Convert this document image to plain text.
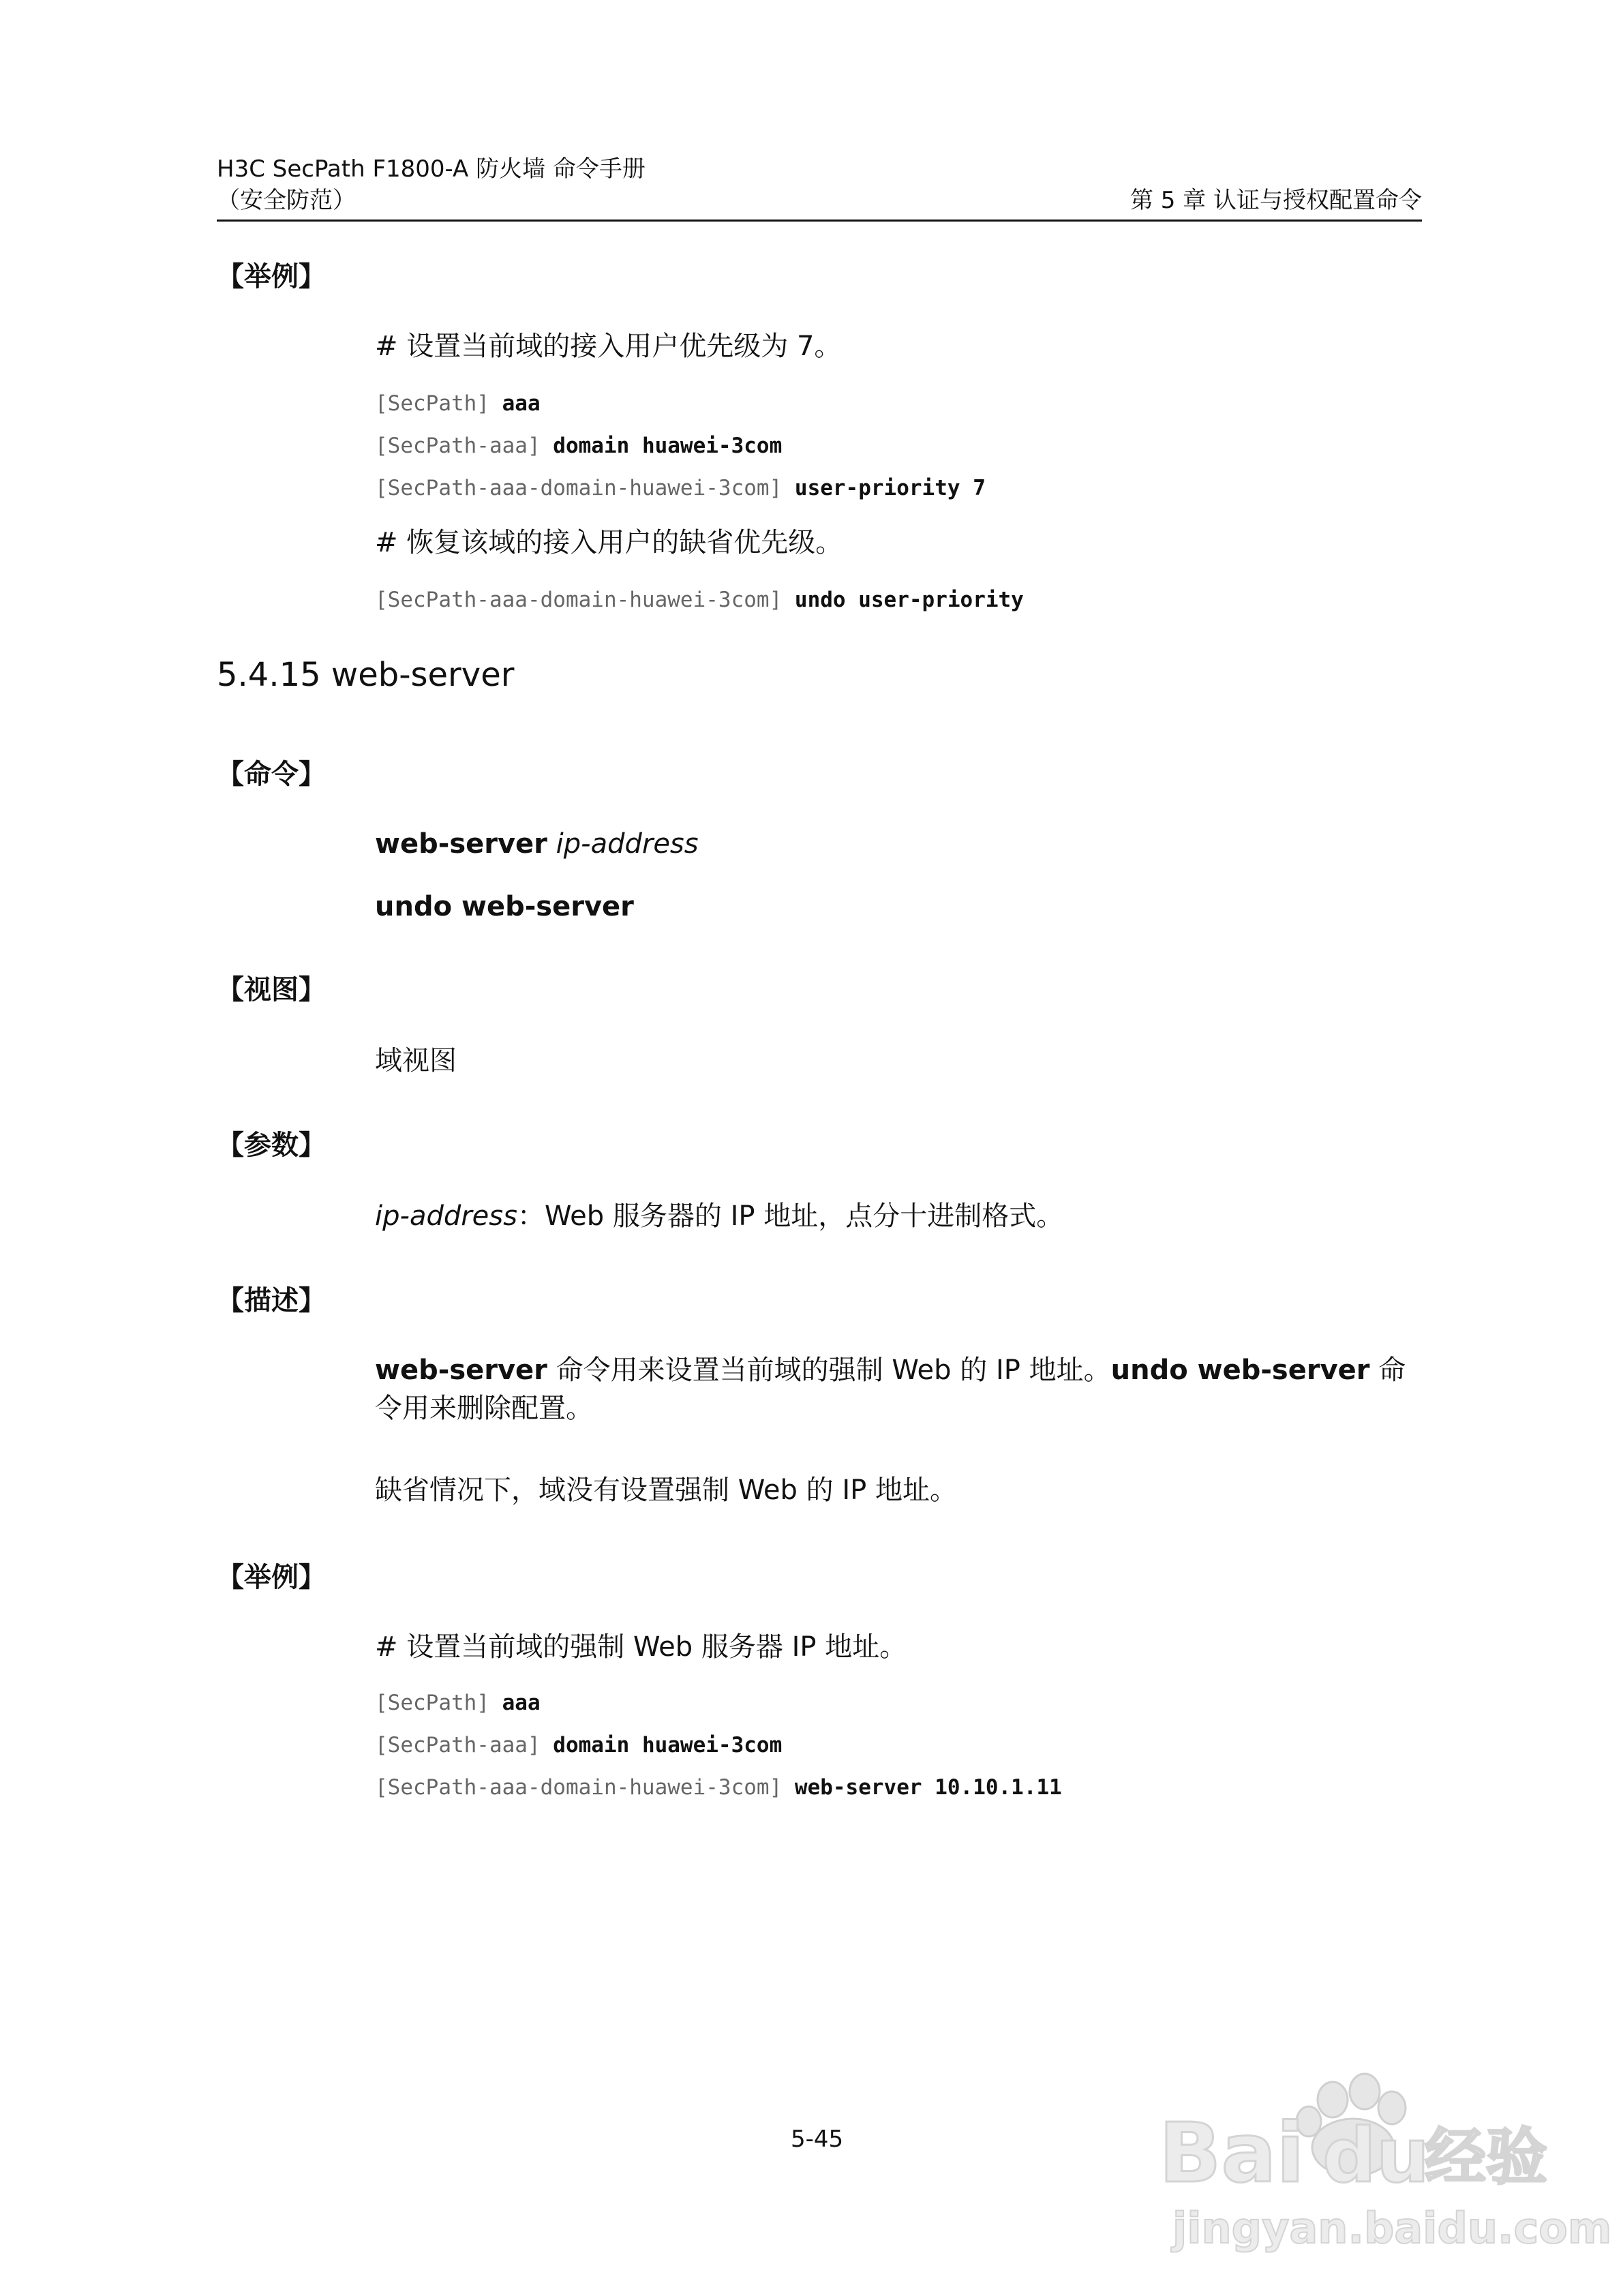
H3C SecPath F1800-A 防火墙 命令手册
（安全防范）	第 5 章 认证与授权配置命令
【举例】
# 设置当前域的接入用户优先级为 7。
[SecPath] aaa
[SecPath-aaa] domain huawei-3com
[SecPath-aaa-domain-huawei-3com] user-priority 7
# 恢复该域的接入用户的缺省优先级。
[SecPath-aaa-domain-huawei-3com] undo user-priority
5.4.15 web-server
【命令】
web-server ip-address
undo web-server
【视图】
域视图
【参数】
ip-address：Web 服务器的 IP 地址，点分十进制格式。
【描述】
web-server 命令用来设置当前域的强制 Web 的 IP 地址。undo web-server 命令用来删除配置。
缺省情况下，域没有设置强制 Web 的 IP 地址。
【举例】
# 设置当前域的强制 Web 服务器 IP 地址。
[SecPath] aaa
[SecPath-aaa] domain huawei-3com
[SecPath-aaa-domain-huawei-3com] web-server 10.10.1.11
5-45	Bai du
经验
jingyan.baidu.com
